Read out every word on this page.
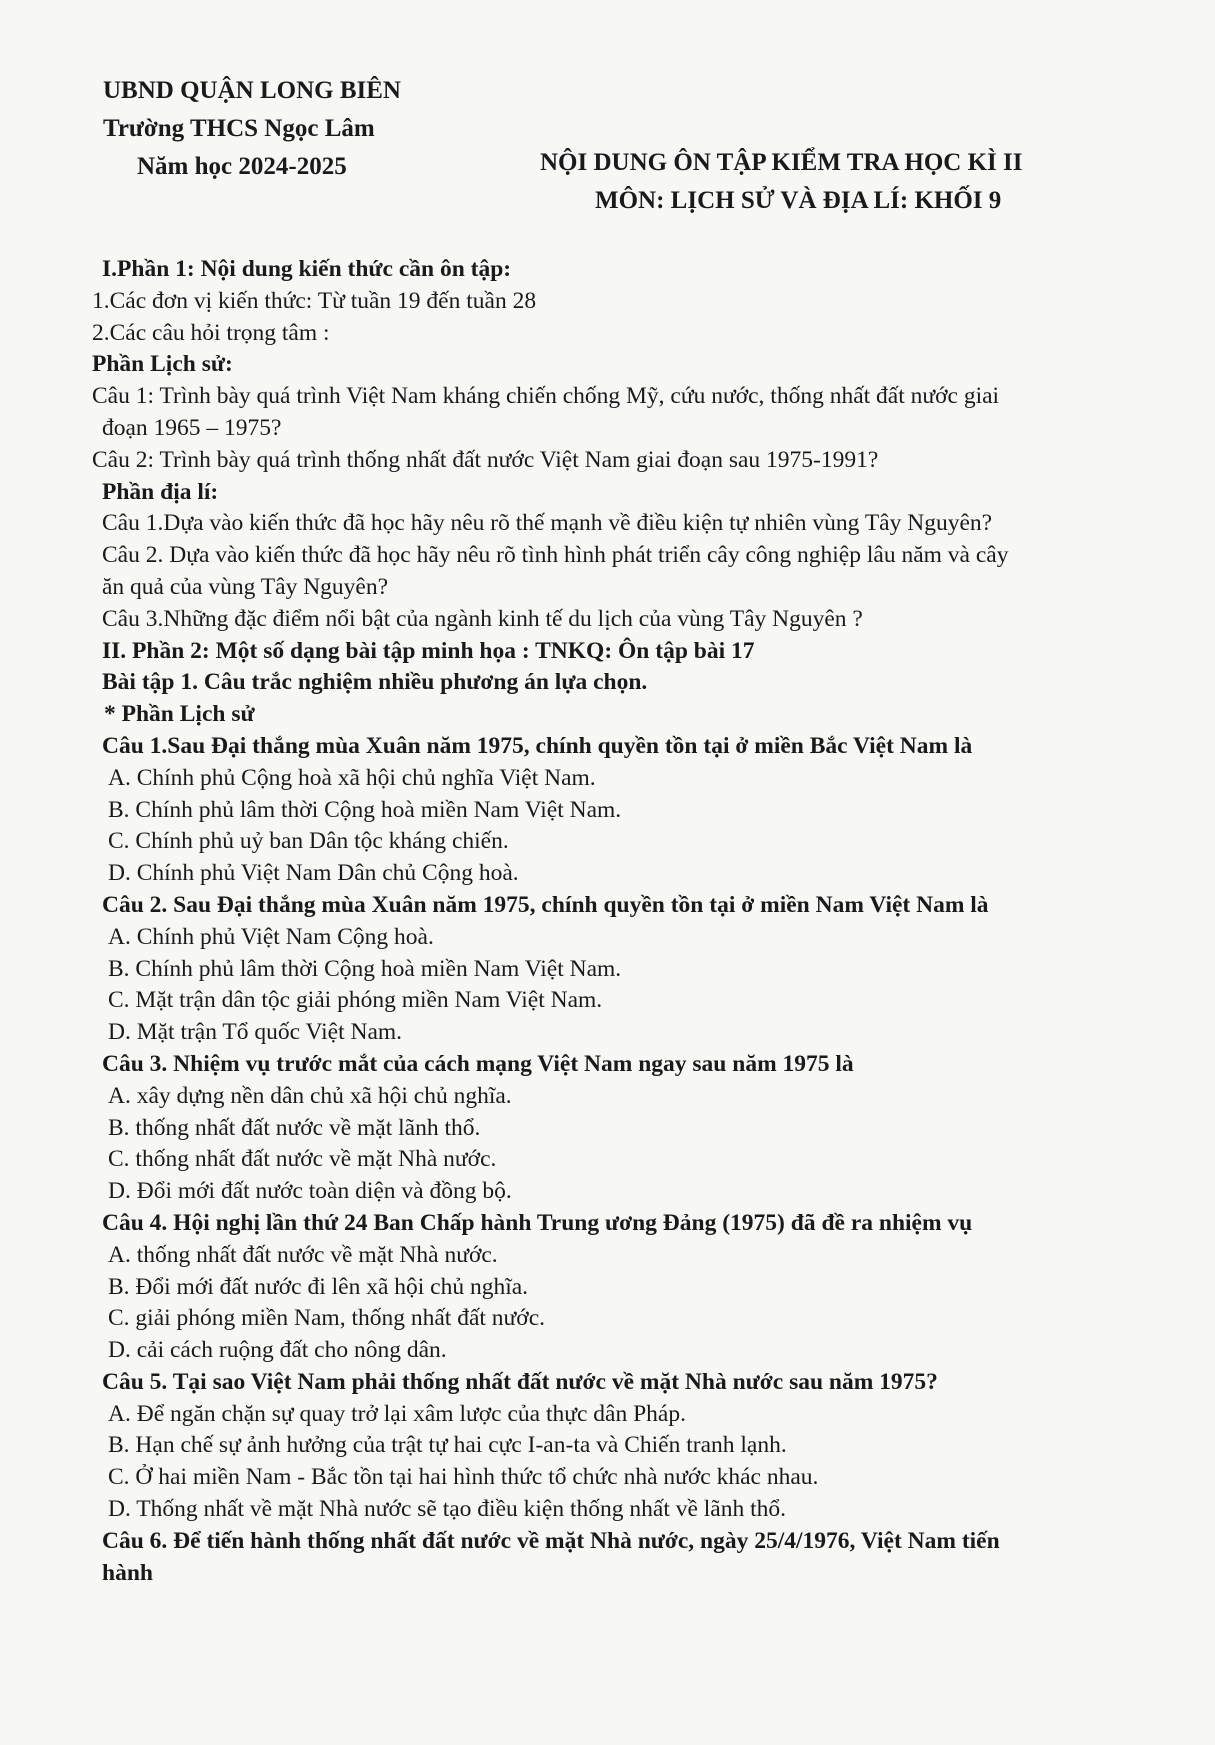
UBND QUẬN LONG BIÊN
Trường THCS Ngọc Lâm
Năm học 2024-2025	NỘI DUNG ÔN TẬP KIỂM TRA HỌC KÌ II
MÔN: LỊCH SỬ VÀ ĐỊA LÍ: KHỐI 9
I.Phần 1: Nội dung kiến thức cần ôn tập:
1.Các đơn vị kiến thức: Từ tuần 19 đến tuần 28
2.Các câu hỏi trọng tâm :
Phần Lịch sử:
Câu 1: Trình bày quá trình Việt Nam kháng chiến chống Mỹ, cứu nước, thống nhất đất nước giai
đoạn 1965 – 1975?
Câu 2: Trình bày quá trình thống nhất đất nước Việt Nam giai đoạn sau 1975-1991?
Phần địa lí:
Câu 1.Dựa vào kiến thức đã học hãy nêu rõ thế mạnh về điều kiện tự nhiên vùng Tây Nguyên?
Câu 2. Dựa vào kiến thức đã học hãy nêu rõ tình hình phát triển cây công nghiệp lâu năm và cây
ăn quả của vùng Tây Nguyên?
Câu 3.Những đặc điểm nổi bật của ngành kinh tế du lịch của vùng Tây Nguyên ?
II. Phần 2: Một số dạng bài tập minh họa : TNKQ: Ôn tập bài 17
Bài tập 1. Câu trắc nghiệm nhiều phương án lựa chọn.
* Phần Lịch sử
Câu 1.Sau Đại thắng mùa Xuân năm 1975, chính quyền tồn tại ở miền Bắc Việt Nam là
A. Chính phủ Cộng hoà xã hội chủ nghĩa Việt Nam.
B. Chính phủ lâm thời Cộng hoà miền Nam Việt Nam.
C. Chính phủ uỷ ban Dân tộc kháng chiến.
D. Chính phủ Việt Nam Dân chủ Cộng hoà.
Câu 2. Sau Đại thắng mùa Xuân năm 1975, chính quyền tồn tại ở miền Nam Việt Nam là
A. Chính phủ Việt Nam Cộng hoà.
B. Chính phủ lâm thời Cộng hoà miền Nam Việt Nam.
C. Mặt trận dân tộc giải phóng miền Nam Việt Nam.
D. Mặt trận Tổ quốc Việt Nam.
Câu 3. Nhiệm vụ trước mắt của cách mạng Việt Nam ngay sau năm 1975 là
A. xây dựng nền dân chủ xã hội chủ nghĩa.
B. thống nhất đất nước về mặt lãnh thổ.
C. thống nhất đất nước về mặt Nhà nước.
D. Đổi mới đất nước toàn diện và đồng bộ.
Câu 4. Hội nghị lần thứ 24 Ban Chấp hành Trung ương Đảng (1975) đã đề ra nhiệm vụ
A. thống nhất đất nước về mặt Nhà nước.
B. Đổi mới đất nước đi lên xã hội chủ nghĩa.
C. giải phóng miền Nam, thống nhất đất nước.
D. cải cách ruộng đất cho nông dân.
Câu 5. Tại sao Việt Nam phải thống nhất đất nước về mặt Nhà nước sau năm 1975?
A. Để ngăn chặn sự quay trở lại xâm lược của thực dân Pháp.
B. Hạn chế sự ảnh hưởng của trật tự hai cực I-an-ta và Chiến tranh lạnh.
C. Ở hai miền Nam - Bắc tồn tại hai hình thức tổ chức nhà nước khác nhau.
D. Thống nhất về mặt Nhà nước sẽ tạo điều kiện thống nhất về lãnh thổ.
Câu 6. Để tiến hành thống nhất đất nước về mặt Nhà nước, ngày 25/4/1976, Việt Nam tiến
hành
